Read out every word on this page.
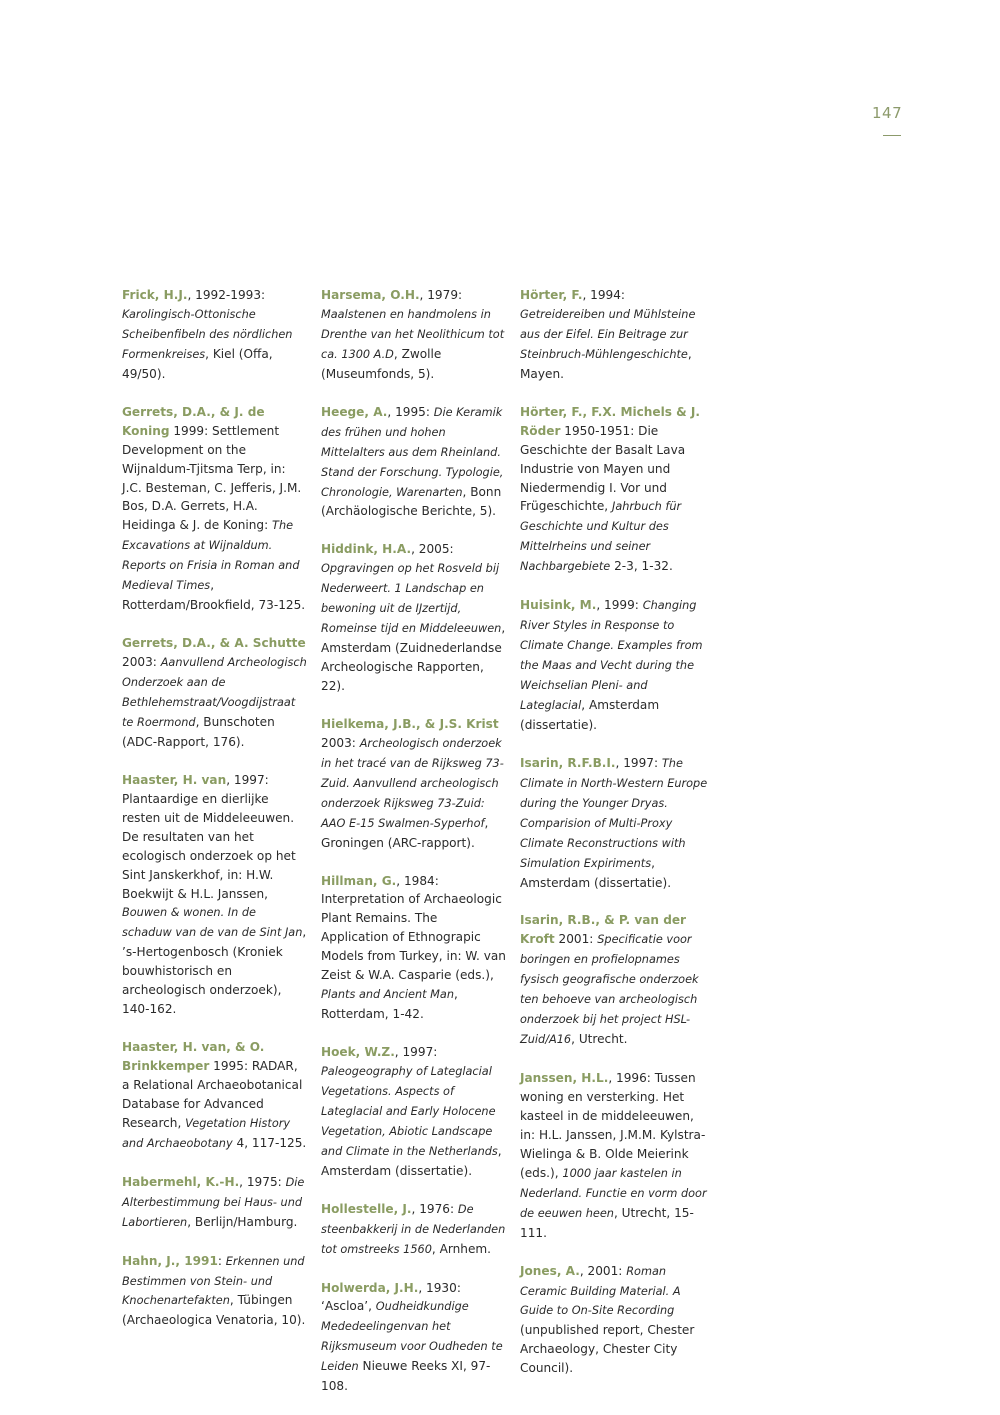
147

Frick, H.J., 1992-1993: Karolingisch-Ottonische Scheibenfibeln des nördlichen Formenkreises, Kiel (Offa, 49/50).

Gerrets, D.A., & J. de Koning 1999: Settlement Development on the Wijnaldum-Tjitsma Terp, in: J.C. Besteman, C. Jefferis, J.M. Bos, D.A. Gerrets, H.A. Heidinga & J. de Koning: The Excavations at Wijnaldum. Reports on Frisia in Roman and Medieval Times, Rotterdam/Brookfield, 73-125.

Gerrets, D.A., & A. Schutte 2003: Aanvullend Archeologisch Onderzoek aan de Bethlehemstraat/Voogdijstraat te Roermond, Bunschoten (ADC-Rapport, 176).

Haaster, H. van, 1997: Plantaardige en dierlijke resten uit de Middeleeuwen. De resultaten van het ecologisch onderzoek op het Sint Janskerkhof, in: H.W. Boekwijt & H.L. Janssen, Bouwen & wonen. In de schaduw van de van de Sint Jan, ’s-Hertogenbosch (Kroniek bouwhistorisch en archeologisch onderzoek), 140-162.

Haaster, H. van, & O. Brinkkemper 1995: RADAR, a Relational Archaeobotanical Database for Advanced Research, Vegetation History and Archaeobotany 4, 117-125.

Habermehl, K.-H., 1975: Die Alterbestimmung bei Haus- und Labortieren, Berlijn/Hamburg.

Hahn, J., 1991: Erkennen und Bestimmen von Stein- und Knochenartefakten, Tübingen (Archaeologica Venatoria, 10).

Harsema, O.H., 1979: Maalstenen en handmolens in Drenthe van het Neolithicum tot ca. 1300 A.D, Zwolle (Museumfonds, 5).

Heege, A., 1995: Die Keramik des frühen und hohen Mittelalters aus dem Rheinland. Stand der Forschung. Typologie, Chronologie, Warenarten, Bonn (Archäologische Berichte, 5).

Hiddink, H.A., 2005: Opgravingen op het Rosveld bij Nederweert. 1 Landschap en bewoning uit de IJzertijd, Romeinse tijd en Middeleeuwen, Amsterdam (Zuidnederlandse Archeologische Rapporten, 22).

Hielkema, J.B., & J.S. Krist 2003: Archeologisch onderzoek in het tracé van de Rijksweg 73-Zuid. Aanvullend archeologisch onderzoek Rijksweg 73-Zuid: AAO E-15 Swalmen-Syperhof, Groningen (ARC-rapport).

Hillman, G., 1984: Interpretation of Archaeologic Plant Remains. The Application of Ethnograpic Models from Turkey, in: W. van Zeist & W.A. Casparie (eds.), Plants and Ancient Man, Rotterdam, 1-42.

Hoek, W.Z., 1997: Paleogeography of Lateglacial Vegetations. Aspects of Lateglacial and Early Holocene Vegetation, Abiotic Landscape and Climate in the Netherlands, Amsterdam (dissertatie).

Hollestelle, J., 1976: De steenbakkerij in de Nederlanden tot omstreeks 1560, Arnhem.

Holwerda, J.H., 1930: ‘Ascloa’, Oudheidkundige Mededeelingenvan het Rijksmuseum voor Oudheden te Leiden Nieuwe Reeks XI, 97-108.

Hörter, F., 1994: Getreidereiben und Mühlsteine aus der Eifel. Ein Beitrage zur Steinbruch-Mühlengeschichte, Mayen.

Hörter, F., F.X. Michels & J. Röder 1950-1951: Die Geschichte der Basalt Lava Industrie von Mayen und Niedermendig I. Vor und Frügeschichte, Jahrbuch für Geschichte und Kultur des Mittelrheins und seiner Nachbargebiete 2-3, 1-32.

Huisink, M., 1999: Changing River Styles in Response to Climate Change. Examples from the Maas and Vecht during the Weichselian Pleni- and Lateglacial, Amsterdam (dissertatie).

Isarin, R.F.B.I., 1997: The Climate in North-Western Europe during the Younger Dryas. Comparision of Multi-Proxy Climate Reconstructions with Simulation Expiriments, Amsterdam (dissertatie).

Isarin, R.B., & P. van der Kroft 2001: Specificatie voor boringen en profielopnames fysisch geografische onderzoek ten behoeve van archeologisch onderzoek bij het project HSL-Zuid/A16, Utrecht.

Janssen, H.L., 1996: Tussen woning en versterking. Het kasteel in de middeleeuwen, in: H.L. Janssen, J.M.M. Kylstra-Wielinga & B. Olde Meierink (eds.), 1000 jaar kastelen in Nederland. Functie en vorm door de eeuwen heen, Utrecht, 15-111.

Jones, A., 2001: Roman Ceramic Building Material. A Guide to On-Site Recording (unpublished report, Chester Archaeology, Chester City Council).
